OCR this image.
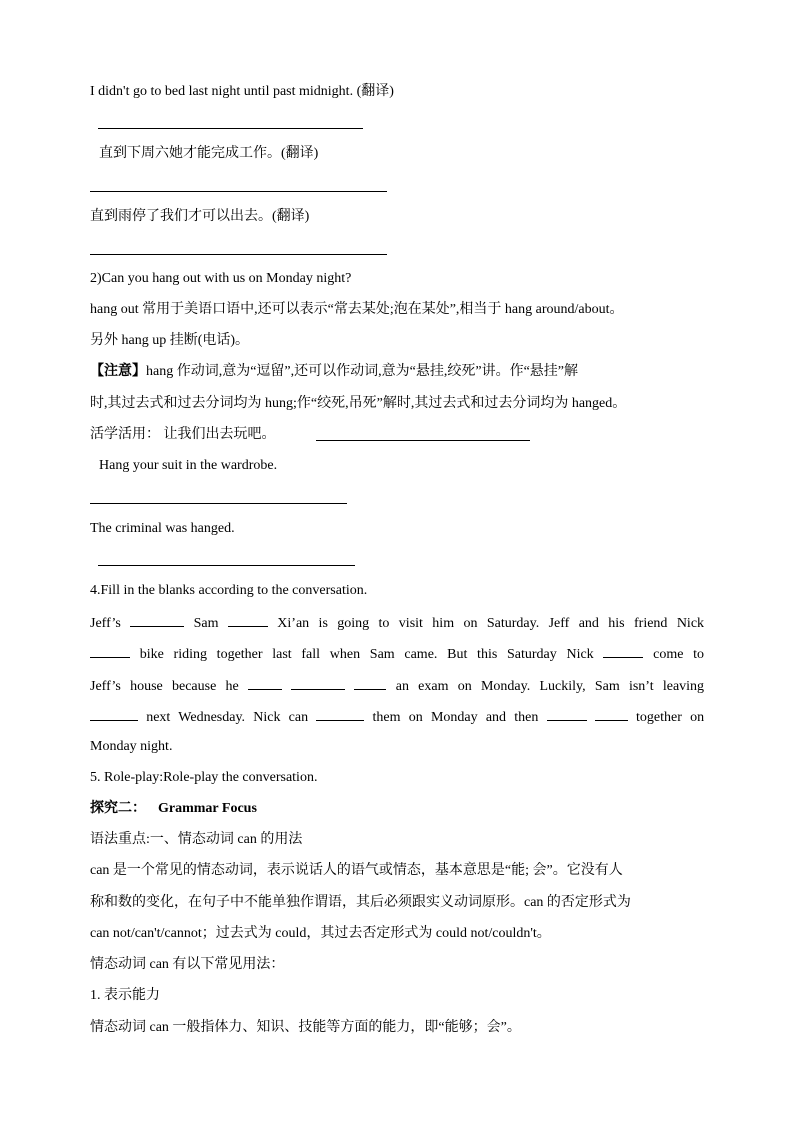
I didn't go to bed last night until past midnight. (翻译)
直到下周六她才能完成工作。(翻译)
直到雨停了我们才可以出去。(翻译)
2)Can you hang out with us on Monday night?
hang out 常用于美语口语中,还可以表示“常去某处;泡在某处”,相当于 hang around/about。
另外 hang up 挂断(电话)。
【注意】hang 作动词,意为“逗留”,还可以作动词,意为“悬挂,绞死”讲。作“悬挂”解
时,其过去式和过去分词均为 hung;作“绞死,吊死”解时,其过去式和过去分词均为 hanged。
活学活用： 让我们出去玩吧。
Hang your suit in the wardrobe.
The criminal was hanged.
4.Fill in the blanks according to the conversation.
Jeff’s	Sam	Xi’an is going to visit him on Saturday. Jeff and his friend Nick
bike riding together last fall when Sam came. But this Saturday Nick	come to
Jeff’s house because he	an exam on Monday. Luckily, Sam isn’t leaving
next Wednesday. Nick can	them on Monday and then	together on
Monday night.
5. Role-play:Role-play the conversation.
探究二： Grammar Focus
语法重点:一、情态动词 can 的用法
can 是一个常见的情态动词，表示说话人的语气或情态，基本意思是“能; 会”。它没有人
称和数的变化，在句子中不能单独作谓语，其后必须跟实义动词原形。can 的否定形式为
can not/can't/cannot；过去式为 could，其过去否定形式为 could not/couldn't。
情态动词 can 有以下常见用法：
1. 表示能力
情态动词 can 一般指体力、知识、技能等方面的能力，即“能够；会”。
